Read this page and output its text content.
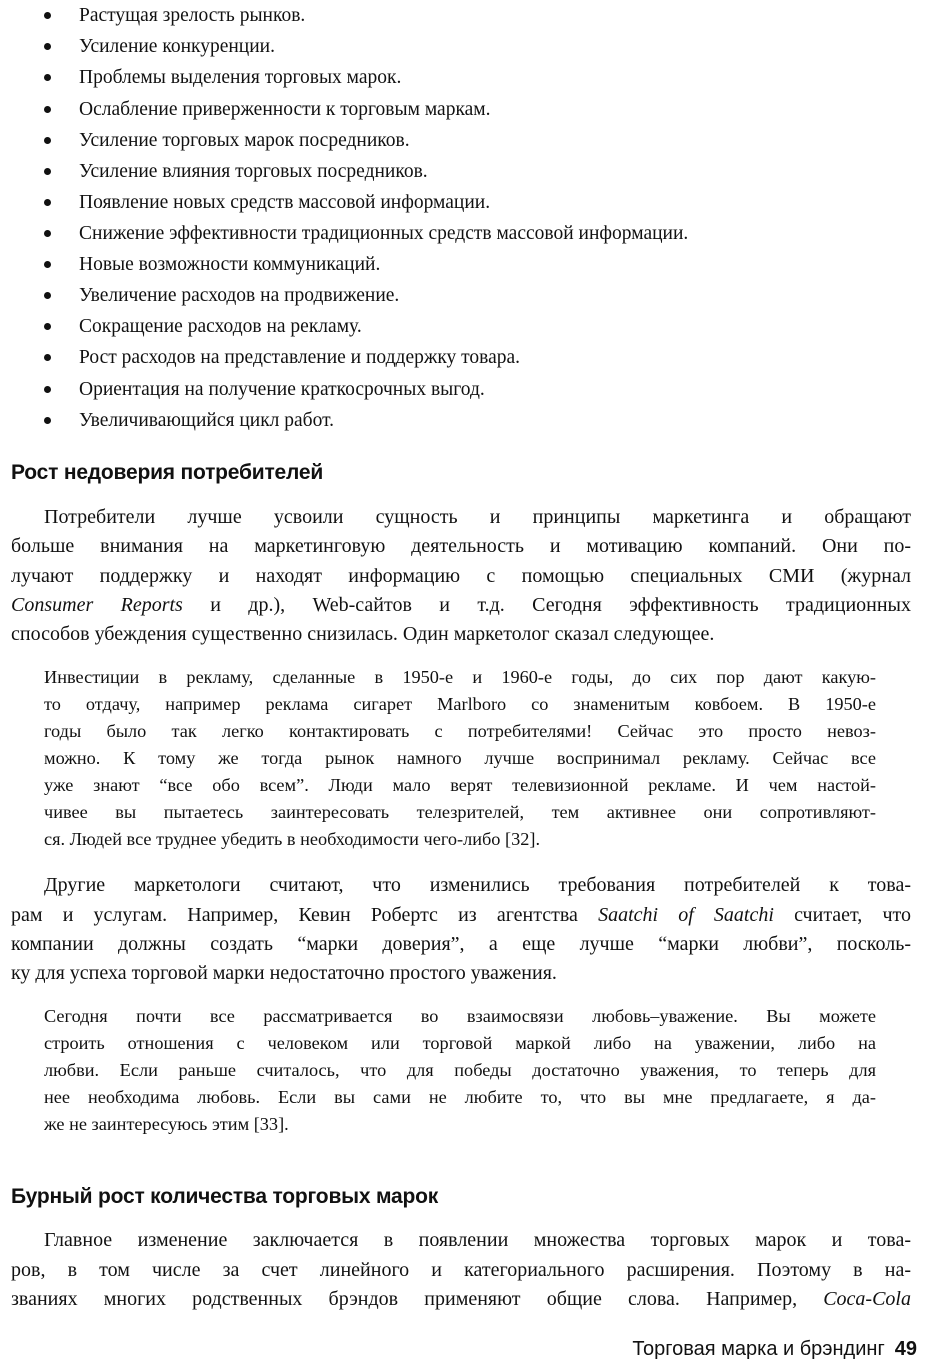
Растущая зрелость рынков.
Усиление конкуренции.
Проблемы выделения торговых марок.
Ослабление приверженности к торговым маркам.
Усиление торговых марок посредников.
Усиление влияния торговых посредников.
Появление новых средств массовой информации.
Снижение эффективности традиционных средств массовой информации.
Новые возможности коммуникаций.
Увеличение расходов на продвижение.
Сокращение расходов на рекламу.
Рост расходов на представление и поддержку товара.
Ориентация на получение краткосрочных выгод.
Увеличивающийся цикл работ.
Рост недоверия потребителей
Потребители лучше усвоили сущность и принципы маркетинга и обращают
больше внимания на маркетинговую деятельность и мотивацию компаний. Они по-
лучают поддержку и находят информацию с помощью специальных СМИ (журнал
Consumer Reports и др.), Web-сайтов и т.д. Сегодня эффективность традиционных
способов убеждения существенно снизилась. Один маркетолог сказал следующее.
Инвестиции в рекламу, сделанные в 1950-е и 1960-е годы, до сих пор дают какую-
то отдачу, например реклама сигарет Marlboro со знаменитым ковбоем. В 1950-е
годы было так легко контактировать с потребителями! Сейчас это просто невоз-
можно. К тому же тогда рынок намного лучше воспринимал рекламу. Сейчас все
уже знают “все обо всем”. Люди мало верят телевизионной рекламе. И чем настой-
чивее вы пытаетесь заинтересовать телезрителей, тем активнее они сопротивляют-
ся. Людей все труднее убедить в необходимости чего-либо [32].
Другие маркетологи считают, что изменились требования потребителей к това-
рам и услугам. Например, Кевин Робертс из агентства Saatchi of Saatchi считает, что
компании должны создать “марки доверия”, а еще лучше “марки любви”, посколь-
ку для успеха торговой марки недостаточно простого уважения.
Сегодня почти все рассматривается во взаимосвязи любовь–уважение. Вы можете
строить отношения с человеком или торговой маркой либо на уважении, либо на
любви. Если раньше считалось, что для победы достаточно уважения, то теперь для
нее необходима любовь. Если вы сами не любите то, что вы мне предлагаете, я да-
же не заинтересуюсь этим [33].
Бурный рост количества торговых марок
Главное изменение заключается в появлении множества торговых марок и това-
ров, в том числе за счет линейного и категориального расширения. Поэтому в на-
званиях многих родственных брэндов применяют общие слова. Например, Coca-Cola
Торговая марка и брэндинг 49
